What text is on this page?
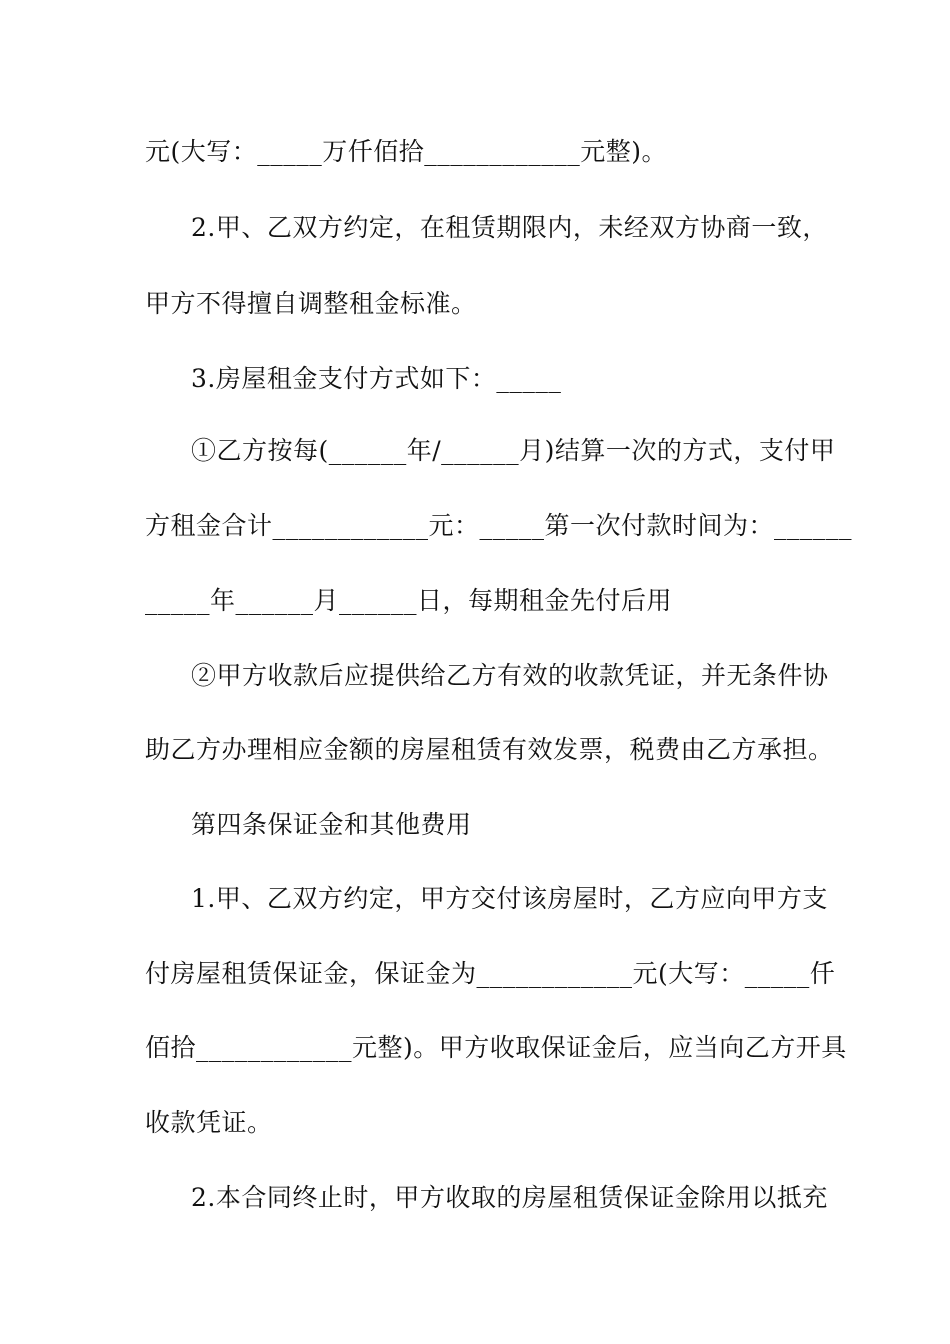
元(大写：_____万仟佰拾____________元整)。
2.甲、乙双方约定，在租赁期限内，未经双方协商一致，
甲方不得擅自调整租金标准。
3.房屋租金支付方式如下：_____
①乙方按每(______年/______月)结算一次的方式，支付甲
方租金合计____________元：_____第一次付款时间为：______
_____年______月______日，每期租金先付后用
②甲方收款后应提供给乙方有效的收款凭证，并无条件协
助乙方办理相应金额的房屋租赁有效发票，税费由乙方承担。
第四条保证金和其他费用
1.甲、乙双方约定，甲方交付该房屋时，乙方应向甲方支
付房屋租赁保证金，保证金为____________元(大写：_____仟
佰拾____________元整)。甲方收取保证金后，应当向乙方开具
收款凭证。
2.本合同终止时，甲方收取的房屋租赁保证金除用以抵充
